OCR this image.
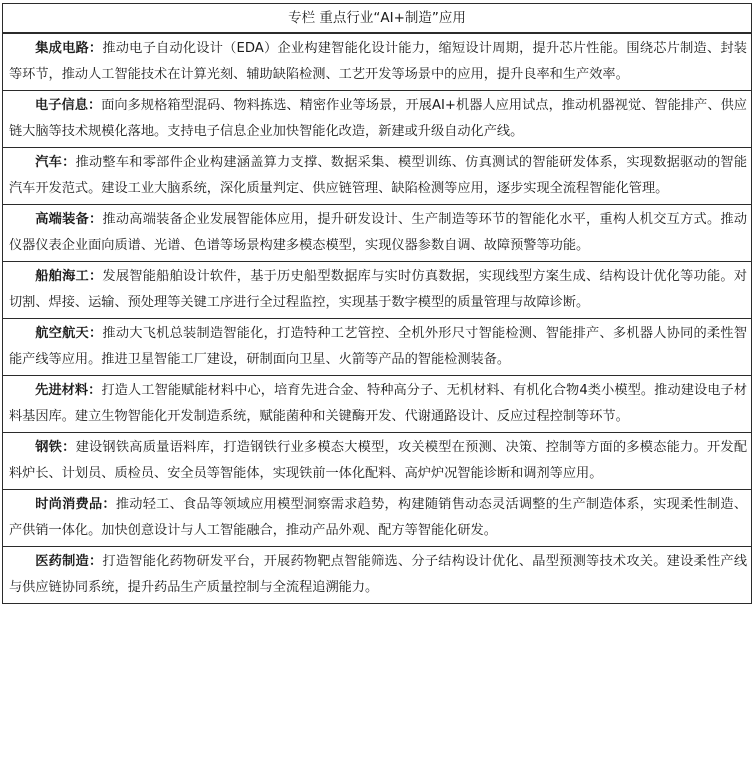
专栏 重点行业“AI+制造”应用
集成电路：推动电子自动化设计（EDA）企业构建智能化设计能力，缩短设计周期，提升芯片性能。围绕芯片制造、封装等环节，推动人工智能技术在计算光刻、辅助缺陷检测、工艺开发等场景中的应用，提升良率和生产效率。
电子信息：面向多规格箱型混码、物料拣选、精密作业等场景，开展AI+机器人应用试点，推动机器视觉、智能排产、供应链大脑等技术规模化落地。支持电子信息企业加快智能化改造，新建或升级自动化产线。
汽车：推动整车和零部件企业构建涵盖算力支撑、数据采集、模型训练、仿真测试的智能研发体系，实现数据驱动的智能汽车开发范式。建设工业大脑系统，深化质量判定、供应链管理、缺陷检测等应用，逐步实现全流程智能化管理。
高端装备：推动高端装备企业发展智能体应用，提升研发设计、生产制造等环节的智能化水平，重构人机交互方式。推动仪器仪表企业面向质谱、光谱、色谱等场景构建多模态模型，实现仪器参数自调、故障预警等功能。
船舶海工：发展智能船舶设计软件，基于历史船型数据库与实时仿真数据，实现线型方案生成、结构设计优化等功能。对切割、焊接、运输、预处理等关键工序进行全过程监控，实现基于数字模型的质量管理与故障诊断。
航空航天：推动大飞机总装制造智能化，打造特种工艺管控、全机外形尺寸智能检测、智能排产、多机器人协同的柔性智能产线等应用。推进卫星智能工厂建设，研制面向卫星、火箭等产品的智能检测装备。
先进材料：打造人工智能赋能材料中心，培育先进合金、特种高分子、无机材料、有机化合物4类小模型。推动建设电子材料基因库。建立生物智能化开发制造系统，赋能菌种和关键酶开发、代谢通路设计、反应过程控制等环节。
钢铁：建设钢铁高质量语料库，打造钢铁行业多模态大模型，攻关模型在预测、决策、控制等方面的多模态能力。开发配料炉长、计划员、质检员、安全员等智能体，实现铁前一体化配料、高炉炉况智能诊断和调剂等应用。
时尚消费品：推动轻工、食品等领域应用模型洞察需求趋势，构建随销售动态灵活调整的生产制造体系，实现柔性制造、产供销一体化。加快创意设计与人工智能融合，推动产品外观、配方等智能化研发。
医药制造：打造智能化药物研发平台，开展药物靶点智能筛选、分子结构设计优化、晶型预测等技术攻关。建设柔性产线与供应链协同系统，提升药品生产质量控制与全流程追溯能力。
